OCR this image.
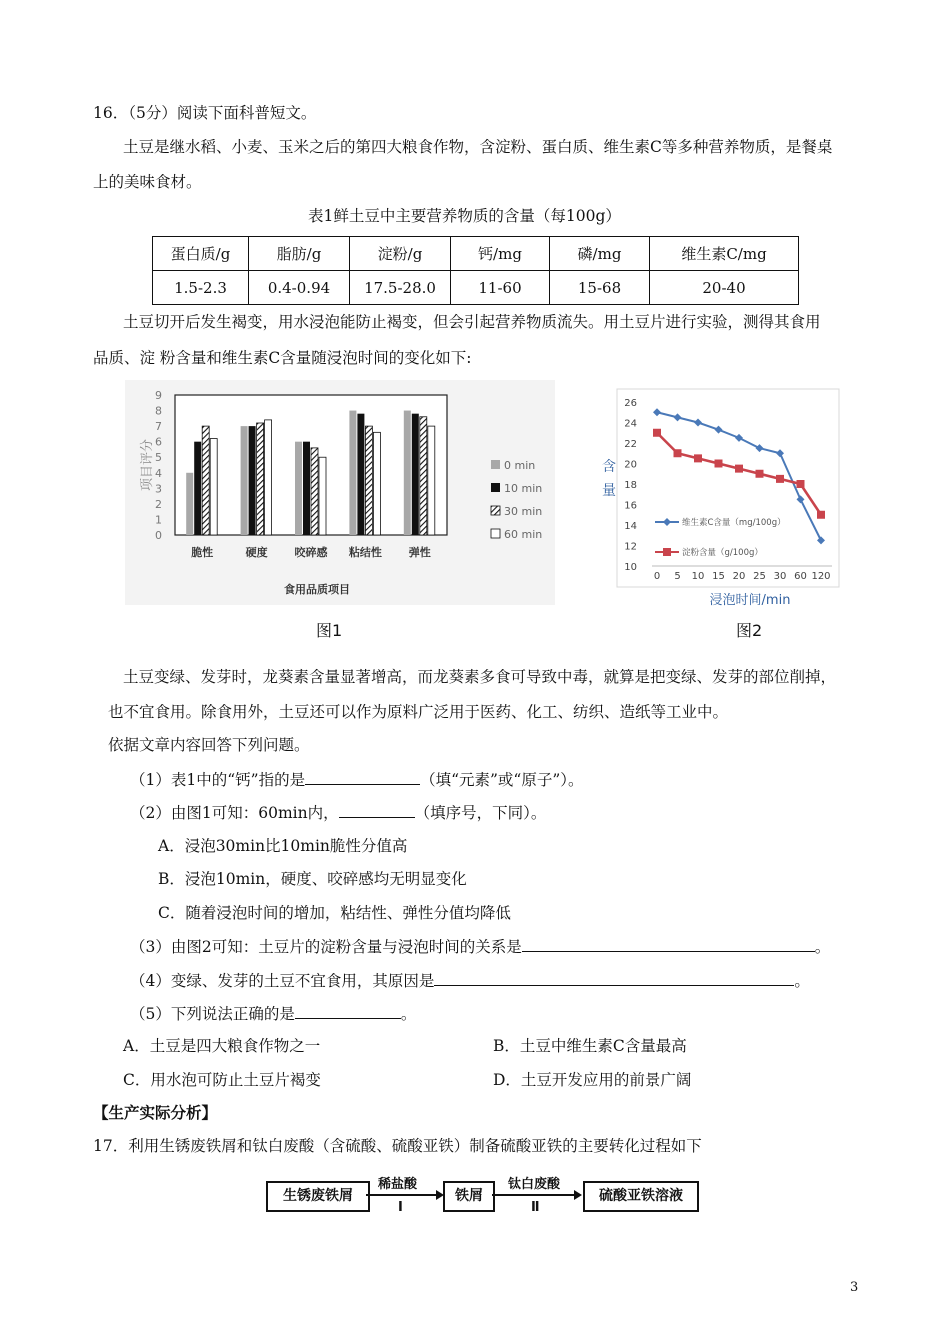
16．（5分）阅读下面科普短文。
土豆是继水稻、小麦、玉米之后的第四大粮食作物，含淀粉、蛋白质、维生素C等多种营养物质，是餐桌
上的美味食材。
表1鲜土豆中主要营养物质的含量（每100g）
蛋白质/g	脂肪/g	淀粉/g	钙/mg	磷/mg	维生素C/mg
1.5-2.3	0.4-0.94	17.5-28.0	11-60	15-68	20-40
土豆切开后发生褐变，用水浸泡能防止褐变，但会引起营养物质流失。用土豆片进行实验，测得其食用
品质、淀 粉含量和维生素C含量随浸泡时间的变化如下:
0
1
2
3
4
5
6
7
8
9
脆性	硬度 咬碎感 粘结性 弹性
食用品质项目
项目评分	0 min
10 min
30 min
60 min
图1
10
12
14
16
18
20
22
24
26
0 5 10 15 20 25 30 60 120
浸泡时间/min
含
量
维生素C含量（mg/100g）
淀粉含量（g/100g）
图2
土豆变绿、发芽时，龙葵素含量显著增高，而龙葵素多食可导致中毒，就算是把变绿、发芽的部位削掉，
也不宜食用。除食用外，土豆还可以作为原料广泛用于医药、化工、纺织、造纸等工业中。
依据文章内容回答下列问题。
（1）表1中的“钙”指的是	（填“元素”或“原子”）。
（2）由图1可知：60min内，	（填序号，下同）。
A．浸泡30min比10min脆性分值高
B．浸泡10min，硬度、咬碎感均无明显变化
C．随着浸泡时间的增加，粘结性、弹性分值均降低
（3）由图2可知：土豆片的淀粉含量与浸泡时间的关系是	。
（4）变绿、发芽的土豆不宜食用，其原因是	。
（5）下列说法正确的是	。
A．土豆是四大粮食作物之一	B．土豆中维生素C含量最高
C．用水泡可防止土豆片褐变	D．土豆开发应用的前景广阔
【生产实际分析】
17．利用生锈废铁屑和钛白废酸（含硫酸、硫酸亚铁）制备硫酸亚铁的主要转化过程如下
生锈废铁屑	铁屑	硫酸亚铁溶液
稀盐酸
Ⅰ
钛白废酸
Ⅱ
3
